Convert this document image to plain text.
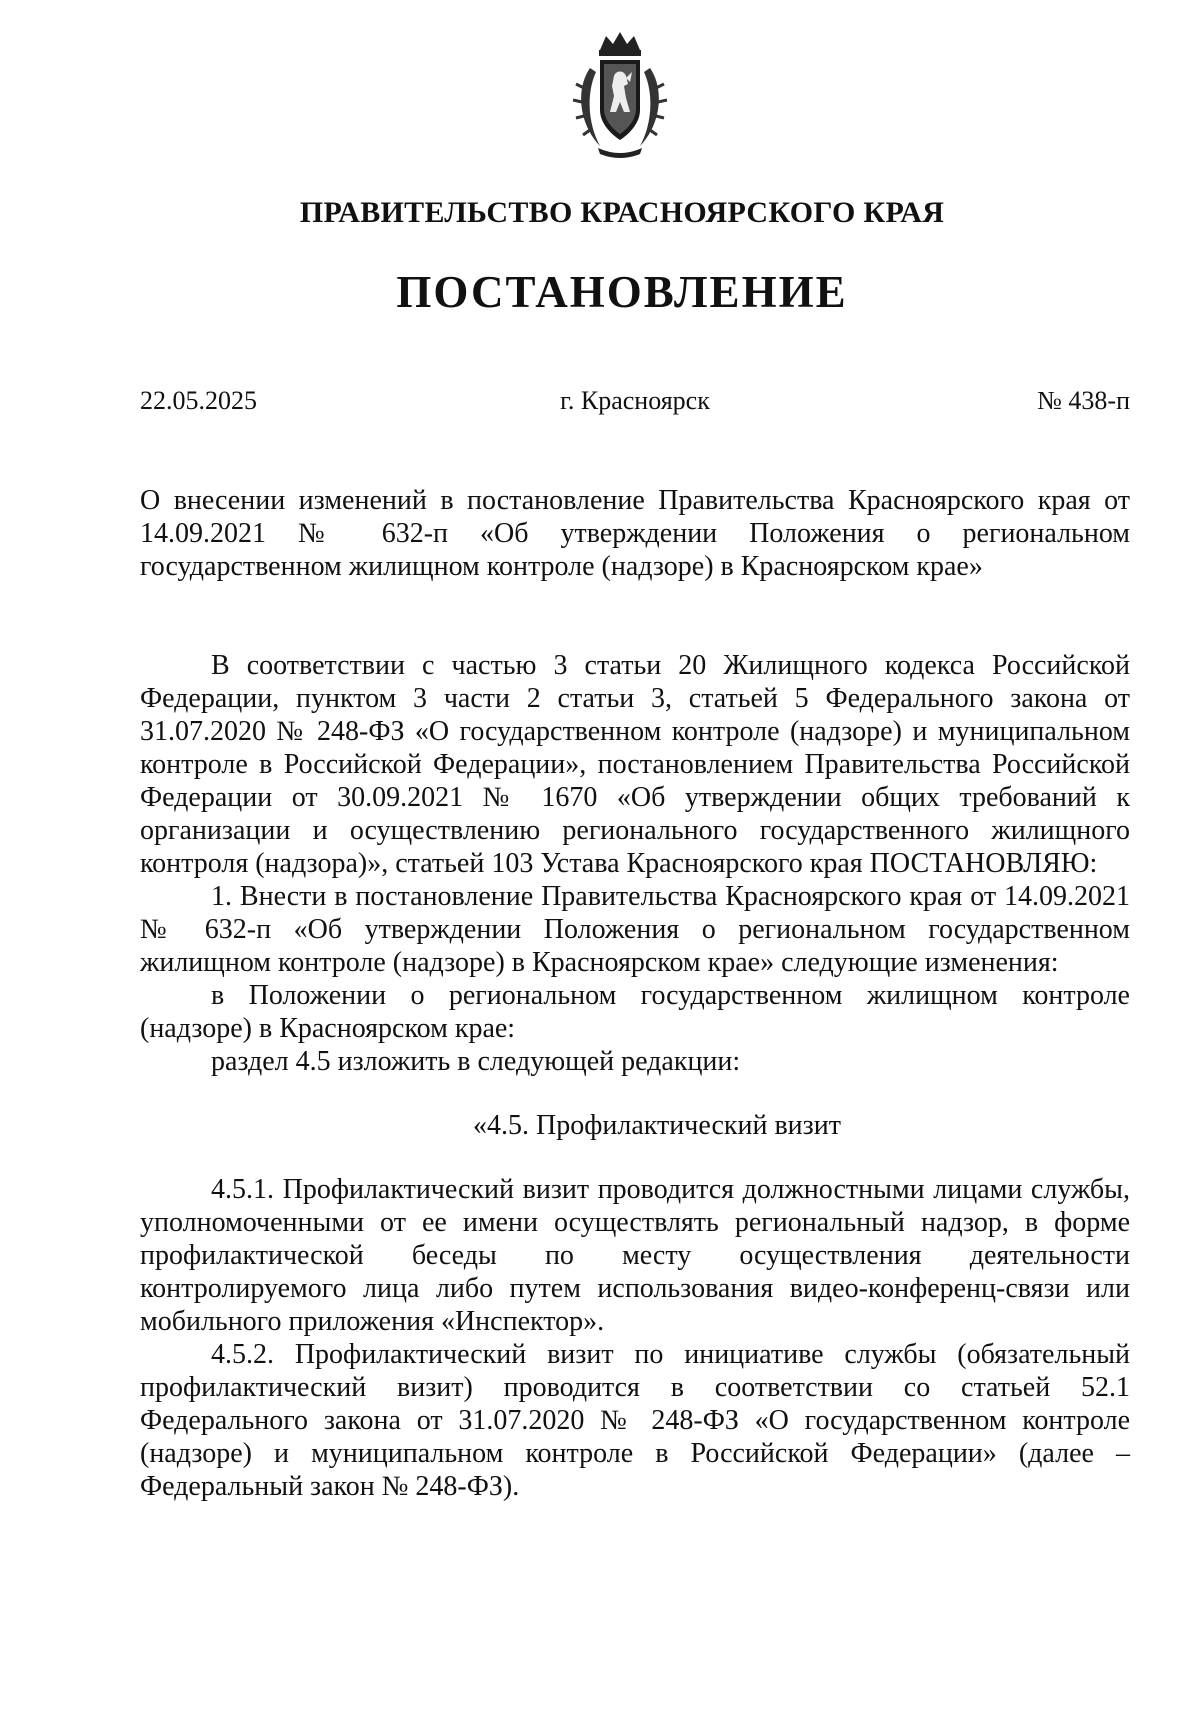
ПРАВИТЕЛЬСТВО КРАСНОЯРСКОГО КРАЯ
ПОСТАНОВЛЕНИЕ
22.05.2025	г. Красноярск	№ 438-п

О внесении изменений в постановление Правительства Красноярского края от 14.09.2021 № 632-п «Об утверждении Положения о региональном государственном жилищном контроле (надзоре) в Красноярском крае»

В соответствии с частью 3 статьи 20 Жилищного кодекса Российской Федерации, пунктом 3 части 2 статьи 3, статьей 5 Федерального закона от 31.07.2020 № 248-ФЗ «О государственном контроле (надзоре) и муниципальном контроле в Российской Федерации», постановлением Правительства Российской Федерации от 30.09.2021 № 1670 «Об утверждении общих требований к организации и осуществлению регионального государственного жилищного контроля (надзора)», статьей 103 Устава Красноярского края ПОСТАНОВЛЯЮ:

1. Внести в постановление Правительства Красноярского края от 14.09.2021 № 632-п «Об утверждении Положения о региональном государственном жилищном контроле (надзоре) в Красноярском крае» следующие изменения:

в Положении о региональном государственном жилищном контроле (надзоре) в Красноярском крае:

раздел 4.5 изложить в следующей редакции:

«4.5. Профилактический визит

4.5.1. Профилактический визит проводится должностными лицами службы, уполномоченными от ее имени осуществлять региональный надзор, в форме профилактической беседы по месту осуществления деятельности контролируемого лица либо путем использования видео-конференц-связи или мобильного приложения «Инспектор».

4.5.2. Профилактический визит по инициативе службы (обязательный профилактический визит) проводится в соответствии со статьей 52.1 Федерального закона от 31.07.2020 № 248-ФЗ «О государственном контроле (надзоре) и муниципальном контроле в Российской Федерации» (далее – Федеральный закон № 248-ФЗ).
